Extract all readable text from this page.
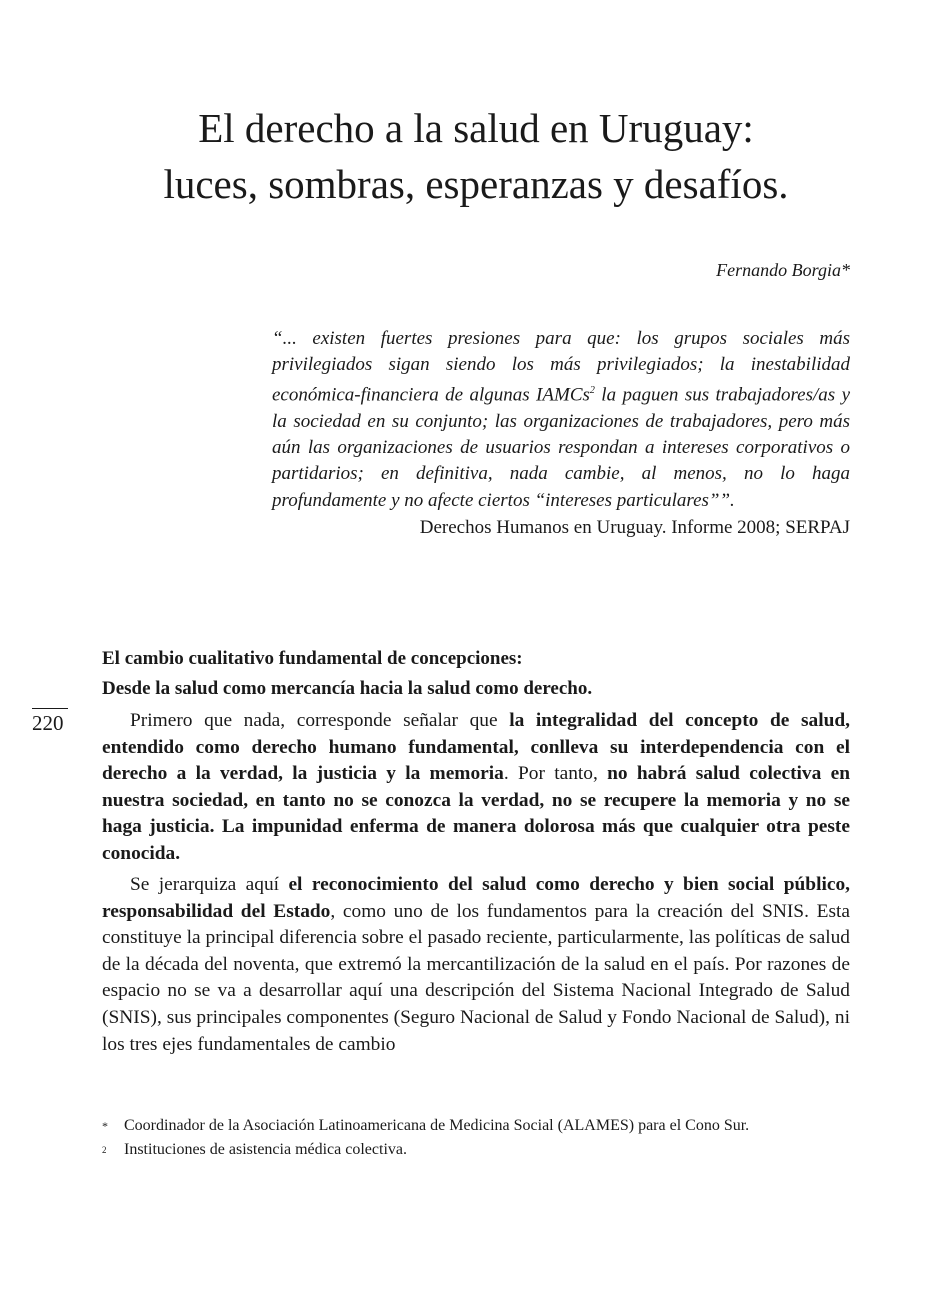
El derecho a la salud en Uruguay:
luces, sombras, esperanzas y desafíos.
Fernando Borgia*

“... existen fuertes presiones para que: los grupos sociales más privilegiados sigan siendo los más privilegiados; la inestabilidad económica-financiera de algunas IAMCs$^2$ la paguen sus trabajadores/as y la sociedad en su conjunto; las organizaciones de trabajadores, pero más aún las organizaciones de usuarios respondan a intereses corporativos o partidarios; en definitiva, nada cambie, al menos, no lo haga profundamente y no afecte ciertos “intereses particulares””.

Derechos Humanos en Uruguay. Informe 2008; SERPAJ
El cambio cualitativo fundamental de concepciones:
Desde la salud como mercancía hacia la salud como derecho.
220	Primero que nada, corresponde señalar que la integralidad del concepto de salud, entendido como derecho humano fundamental, conlleva su interdependencia con el derecho a la verdad, la justicia y la memoria. Por tanto, no habrá salud colectiva en nuestra sociedad, en tanto no se conozca la verdad, no se recupere la memoria y no se haga justicia. La impunidad enferma de manera dolorosa más que cualquier otra peste conocida.

Se jerarquiza aquí el reconocimiento del salud como derecho y bien social público, responsabilidad del Estado, como uno de los fundamentos para la creación del SNIS. Esta constituye la principal diferencia sobre el pasado reciente, particularmente, las políticas de salud de la década del noventa, que extremó la mercantilización de la salud en el país. Por razones de espacio no se va a desarrollar aquí una descripción del Sistema Nacional Integrado de Salud (SNIS), sus principales componentes (Seguro Nacional de Salud y Fondo Nacional de Salud), ni los tres ejes fundamentales de cambio

*	Coordinador de la Asociación Latinoamericana de Medicina Social (ALAMES) para el Cono Sur.
2	Instituciones de asistencia médica colectiva.
